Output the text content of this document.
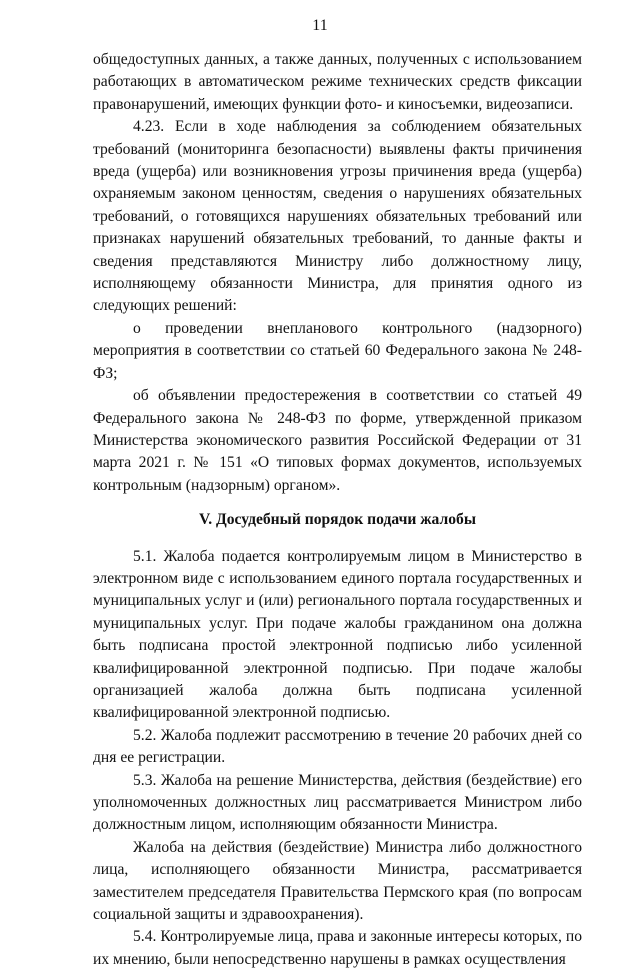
11

общедоступных данных, а также данных, полученных с использованием работающих в автоматическом режиме технических средств фиксации правонарушений, имеющих функции фото- и киносъемки, видеозаписи.

4.23. Если в ходе наблюдения за соблюдением обязательных требований (мониторинга безопасности) выявлены факты причинения вреда (ущерба) или возникновения угрозы причинения вреда (ущерба) охраняемым законом ценностям, сведения о нарушениях обязательных требований, о готовящихся нарушениях обязательных требований или признаках нарушений обязательных требований, то данные факты и сведения представляются Министру либо должностному лицу, исполняющему обязанности Министра, для принятия одного из следующих решений:

о проведении внепланового контрольного (надзорного) мероприятия в соответствии со статьей 60 Федерального закона № 248-ФЗ;

об объявлении предостережения в соответствии со статьей 49 Федерального закона № 248-ФЗ по форме, утвержденной приказом Министерства экономического развития Российской Федерации от 31 марта 2021 г. № 151 «О типовых формах документов, используемых контрольным (надзорным) органом».

V. Досудебный порядок подачи жалобы

5.1. Жалоба подается контролируемым лицом в Министерство в электронном виде с использованием единого портала государственных и муниципальных услуг и (или) регионального портала государственных и муниципальных услуг. При подаче жалобы гражданином она должна быть подписана простой электронной подписью либо усиленной квалифицированной электронной подписью. При подаче жалобы организацией жалоба должна быть подписана усиленной квалифицированной электронной подписью.

5.2. Жалоба подлежит рассмотрению в течение 20 рабочих дней со дня ее регистрации.

5.3. Жалоба на решение Министерства, действия (бездействие) его уполномоченных должностных лиц рассматривается Министром либо должностным лицом, исполняющим обязанности Министра.

Жалоба на действия (бездействие) Министра либо должностного лица, исполняющего обязанности Министра, рассматривается заместителем председателя Правительства Пермского края (по вопросам социальной защиты и здравоохранения).

5.4. Контролируемые лица, права и законные интересы которых, по их мнению, были непосредственно нарушены в рамках осуществления
